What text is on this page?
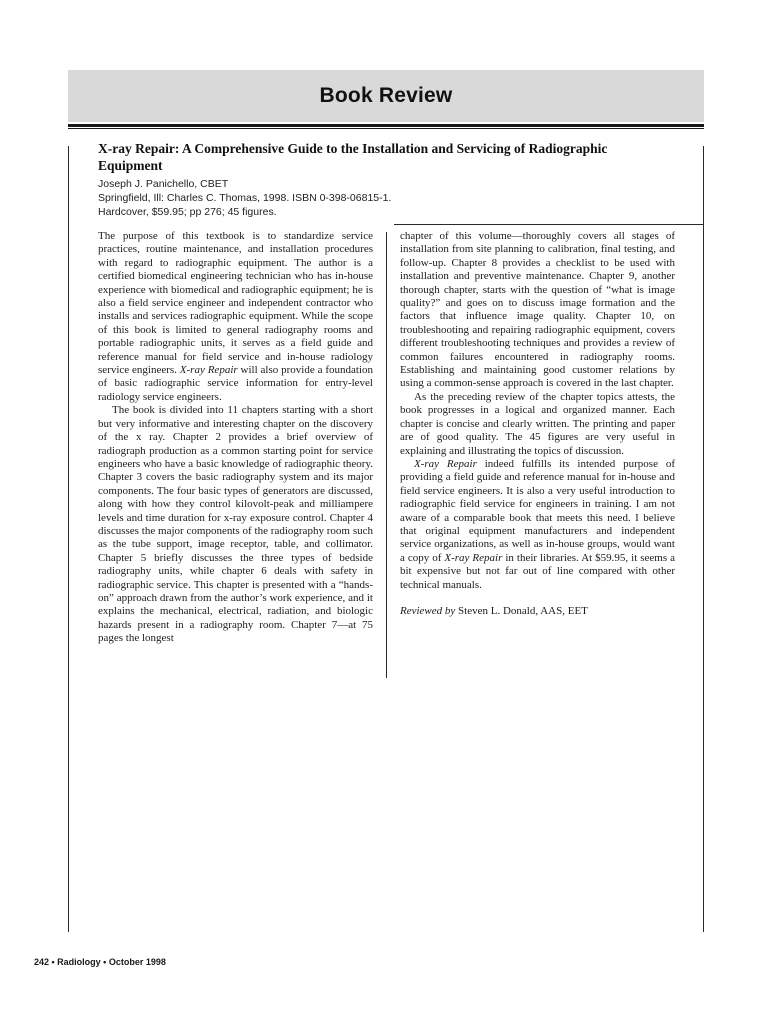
Book Review
X-ray Repair: A Comprehensive Guide to the Installation and Servicing of Radiographic Equipment
Joseph J. Panichello, CBET
Springfield, Ill: Charles C. Thomas, 1998. ISBN 0-398-06815-1.
Hardcover, $59.95; pp 276; 45 figures.

The purpose of this textbook is to standardize service practices, routine maintenance, and installation procedures with regard to radiographic equipment. The author is a certified biomedical engineering technician who has in-house experience with biomedical and radiographic equipment; he is also a field service engineer and independent contractor who installs and services radiographic equipment. While the scope of this book is limited to general radiography rooms and portable radiographic units, it serves as a field guide and reference manual for field service and in-house radiology service engineers. X-ray Repair will also provide a foundation of basic radiographic service information for entry-level radiology service engineers.

The book is divided into 11 chapters starting with a short but very informative and interesting chapter on the discovery of the x ray. Chapter 2 provides a brief overview of radiograph production as a common starting point for service engineers who have a basic knowledge of radiographic theory. Chapter 3 covers the basic radiography system and its major components. The four basic types of generators are discussed, along with how they control kilovolt-peak and milliampere levels and time duration for x-ray exposure control. Chapter 4 discusses the major components of the radiography room such as the tube support, image receptor, table, and collimator. Chapter 5 briefly discusses the three types of bedside radiography units, while chapter 6 deals with safety in radiographic service. This chapter is presented with a “hands-on” approach drawn from the author’s work experience, and it explains the mechanical, electrical, radiation, and biologic hazards present in a radiography room. Chapter 7—at 75 pages the longest

chapter of this volume—thoroughly covers all stages of installation from site planning to calibration, final testing, and follow-up. Chapter 8 provides a checklist to be used with installation and preventive maintenance. Chapter 9, another thorough chapter, starts with the question of “what is image quality?” and goes on to discuss image formation and the factors that influence image quality. Chapter 10, on troubleshooting and repairing radiographic equipment, covers different troubleshooting techniques and provides a review of common failures encountered in radiography rooms. Establishing and maintaining good customer relations by using a common-sense approach is covered in the last chapter.

As the preceding review of the chapter topics attests, the book progresses in a logical and organized manner. Each chapter is concise and clearly written. The printing and paper are of good quality. The 45 figures are very useful in explaining and illustrating the topics of discussion.

X-ray Repair indeed fulfills its intended purpose of providing a field guide and reference manual for in-house and field service engineers. It is also a very useful introduction to radiographic field service for engineers in training. I am not aware of a comparable book that meets this need. I believe that original equipment manufacturers and independent service organizations, as well as in-house groups, would want a copy of X-ray Repair in their libraries. At $59.95, it seems a bit expensive but not far out of line compared with other technical manuals.

Reviewed by Steven L. Donald, AAS, EET

242 • Radiology • October 1998
